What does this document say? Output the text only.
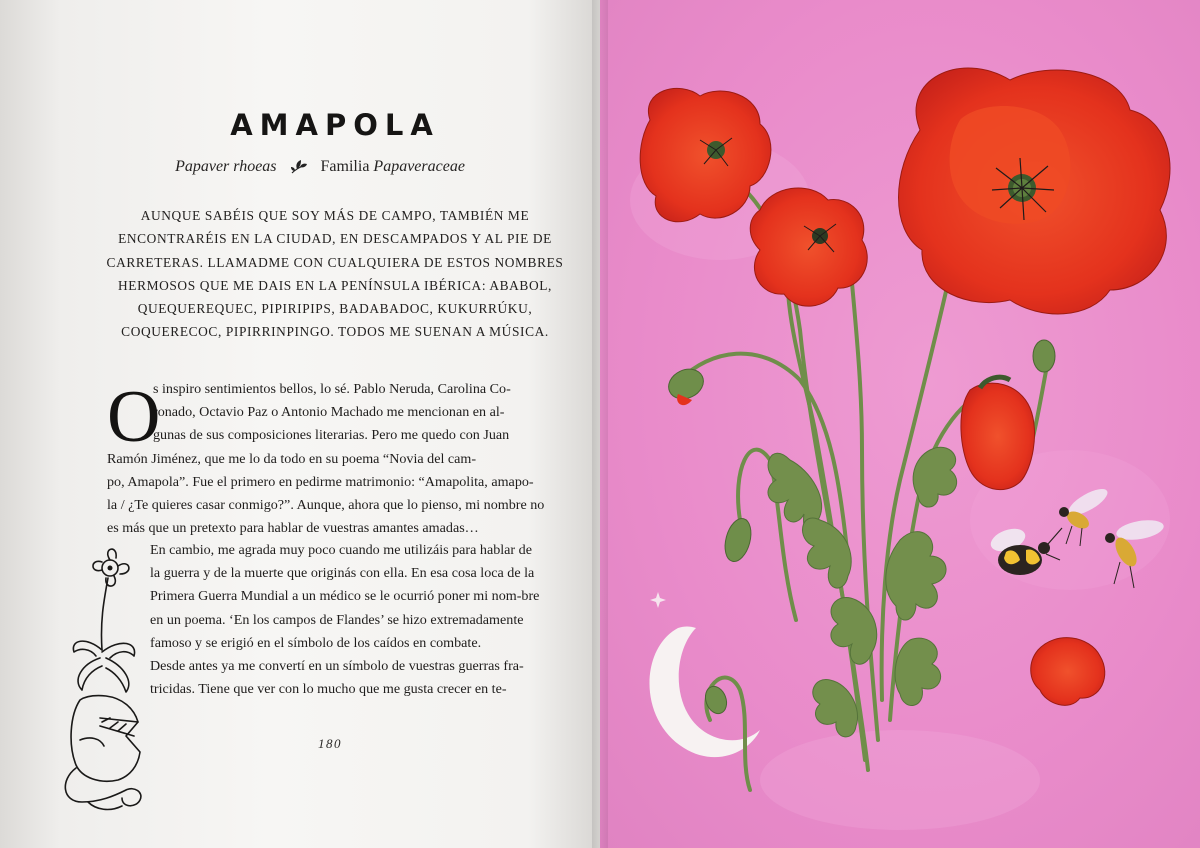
AMAPOLA
Papaver rhoeas	Familia Papaveraceae
AUNQUE SABÉIS QUE SOY MÁS DE CAMPO, TAMBIÉN ME
ENCONTRARÉIS EN LA CIUDAD, EN DESCAMPADOS Y AL PIE DE
CARRETERAS. LLAMADME CON CUALQUIERA DE ESTOS NOMBRES
HERMOSOS QUE ME DAIS EN LA PENÍNSULA IBÉRICA: ABABOL,
QUEQUEREQUEC, PIPIRIPIPS, BADABADOC, KUKURRÚKU,
COQUERECOC, PIPIRRINPINGO. TODOS ME SUENAN A MÚSICA.
O
s inspiro sentimientos bellos, lo sé. Pablo Neruda, Carolina Co-
ronado, Octavio Paz o Antonio Machado me mencionan en al-
gunas de sus composiciones literarias. Pero me quedo con Juan
Ramón Jiménez, que me lo da todo en su poema “Novia del cam-
po, Amapola”. Fue el primero en pedirme matrimonio: “Amapolita, amapo-
la / ¿Te quieres casar conmigo?”. Aunque, ahora que lo pienso, mi nombre no
es más que un pretexto para hablar de vuestras amantes amadas…
En cambio, me agrada muy poco cuando me utilizáis para hablar de
la guerra y de la muerte que originás con ella. En esa cosa loca de la
Primera Guerra Mundial a un médico se le ocurrió poner mi nom-bre
en un poema. ‘En los campos de Flandes’ se hizo extremadamente
famoso y se erigió en el símbolo de los caídos en combate.
Desde antes ya me convertí en un símbolo de vuestras guerras fra-
tricidas. Tiene que ver con lo mucho que me gusta crecer en te-
180
